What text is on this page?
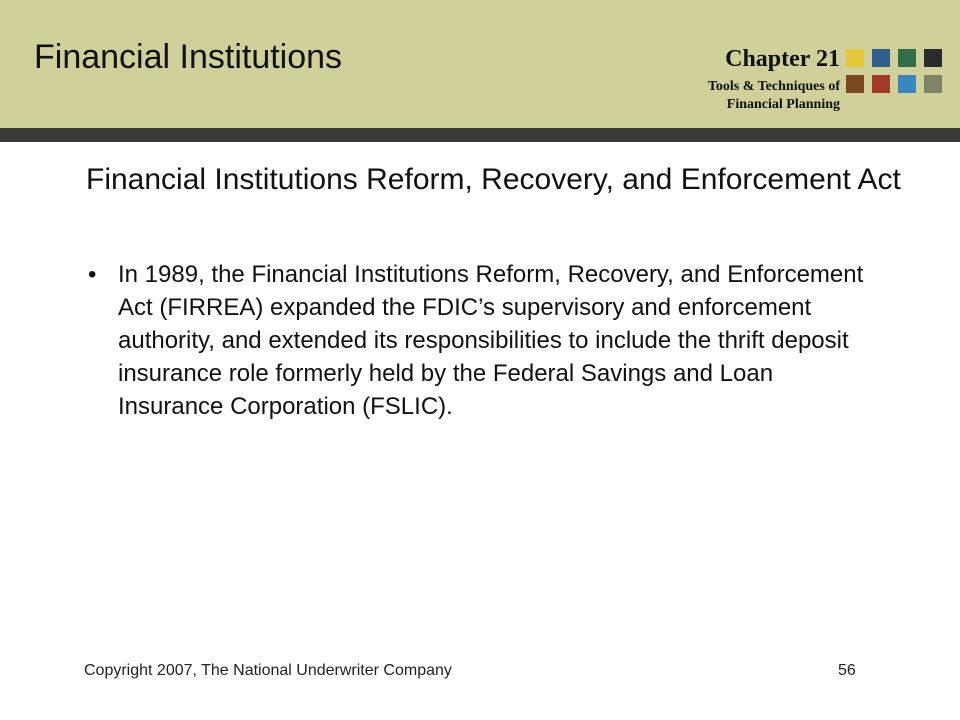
Financial Institutions	Chapter 21
Tools & Techniques of
Financial Planning
Financial Institutions Reform, Recovery, and Enforcement Act
• In 1989, the Financial Institutions Reform, Recovery, and Enforcement Act (FIRREA) expanded the FDIC’s supervisory and enforcement authority, and extended its responsibilities to include the thrift deposit insurance role formerly held by the Federal Savings and Loan Insurance Corporation (FSLIC).
Copyright 2007, The National Underwriter Company	56
